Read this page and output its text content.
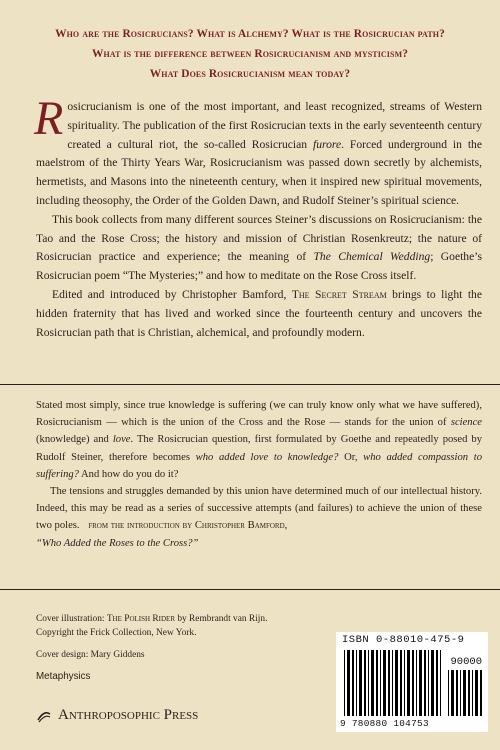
Who are the Rosicrucians? What is Alchemy? What is the Rosicrucian path?
What is the difference between Rosicrucianism and mysticism?
What Does Rosicrucianism mean today?

Rosicrucianism is one of the most important, and least recognized, streams of Western spirituality. The publication of the first Rosicrucian texts in the early seventeenth century created a cultural riot, the so-called Rosicrucian furore. Forced underground in the maelstrom of the Thirty Years War, Rosicrucianism was passed down secretly by alchemists, hermetists, and Masons into the nineteenth century, when it inspired new spiritual movements, including theosophy, the Order of the Golden Dawn, and Rudolf Steiner’s spiritual science.

This book collects from many different sources Steiner’s discussions on Rosicrucianism: the Tao and the Rose Cross; the history and mission of Christian Rosenkreutz; the nature of Rosicrucian practice and experience; the meaning of The Chemical Wedding; Goethe’s Rosicrucian poem “The Mysteries;” and how to meditate on the Rose Cross itself.

Edited and introduced by Christopher Bamford, The Secret Stream brings to light the hidden fraternity that has lived and worked since the fourteenth century and uncovers the Rosicrucian path that is Christian, alchemical, and profoundly modern.

Stated most simply, since true knowledge is suffering (we can truly know only what we have suffered), Rosicrucianism — which is the union of the Cross and the Rose — stands for the union of science (knowledge) and love. The Rosicrucian question, first formulated by Goethe and repeatedly posed by Rudolf Steiner, therefore becomes who added love to knowledge? Or, who added compassion to suffering? And how do you do it?

The tensions and struggles demanded by this union have determined much of our intellectual history. Indeed, this may be read as a series of successive attempts (and failures) to achieve the union of these two poles. from the introduction by Christopher Bamford,

“Who Added the Roses to the Cross?”

Cover illustration: The Polish Rider by Rembrandt van Rijn.
Copyright the Frick Collection, New York.
Cover design: Mary Giddens
Metaphysics
Anthroposophic Press
ISBN 0-88010-475-9
90000
9 780880 104753
